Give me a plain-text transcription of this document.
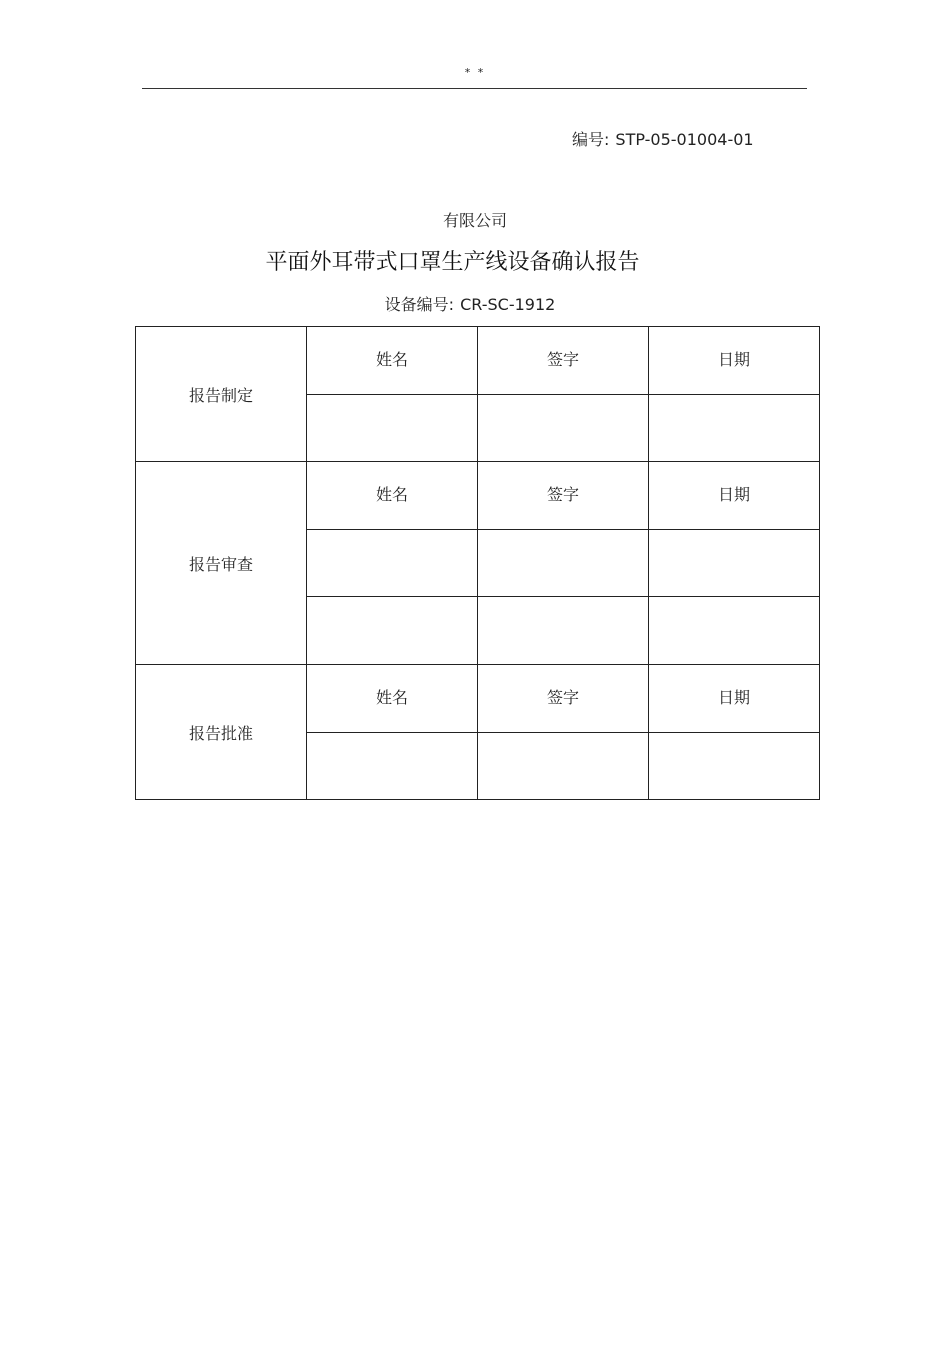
* *
编号: STP-05-01004-01
有限公司
平面外耳带式口罩生产线设备确认报告
设备编号: CR-SC-1912
报告制定	姓名	签字	日期

报告审查	姓名	签字	日期

报告批准	姓名	签字	日期
